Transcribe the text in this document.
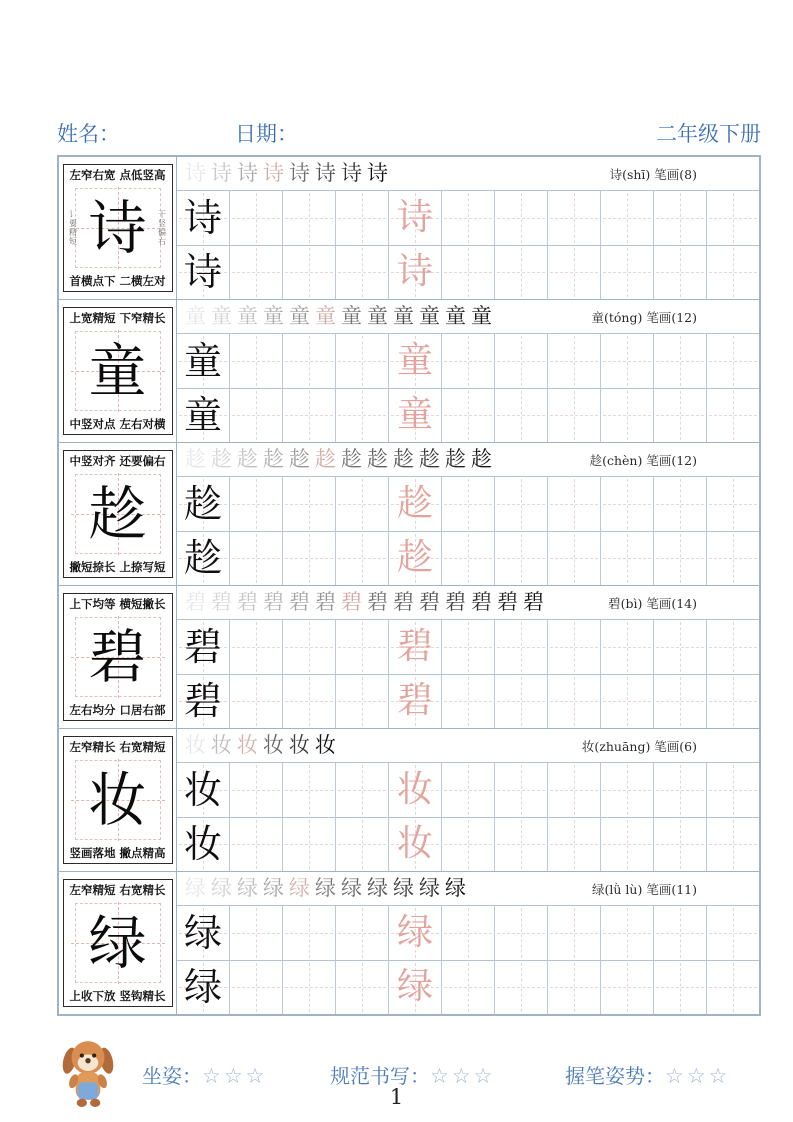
姓名：	日期：	二年级下册
左窄右宽 点低竖高
讠要精短 诗 干竖偏右
首横点下 二横左对
诗 诗 诗 诗 诗 诗 诗 诗	诗(shī) 笔画(8)
诗	诗
诗	诗
上宽精短 下窄精长
童
中竖对点 左右对横
童 童 童 童 童 童 童 童 童 童 童 童	童(tóng) 笔画(12)
童	童
童	童
中竖对齐 还要偏右
趁
撇短捺长 上捺写短
趁 趁 趁 趁 趁 趁 趁 趁 趁 趁 趁 趁	趁(chèn) 笔画(12)
趁	趁
趁	趁
上下均等 横短撇长
碧
左右均分 口居右部
碧 碧 碧 碧 碧 碧 碧 碧 碧 碧 碧 碧 碧 碧	碧(bì) 笔画(14)
碧	碧
碧	碧
左窄精长 右宽精短
妆
竖画落地 撇点精高
妆 妆 妆 妆 妆 妆	妆(zhuāng) 笔画(6)
妆	妆
妆	妆
左窄精短 右宽精长
绿
上收下放 竖钩精长
绿 绿 绿 绿 绿 绿 绿 绿 绿 绿 绿	绿(lǜ lù) 笔画(11)
绿	绿
绿	绿
坐姿：☆☆☆	规范书写：☆☆☆	握笔姿势：☆☆☆
1
